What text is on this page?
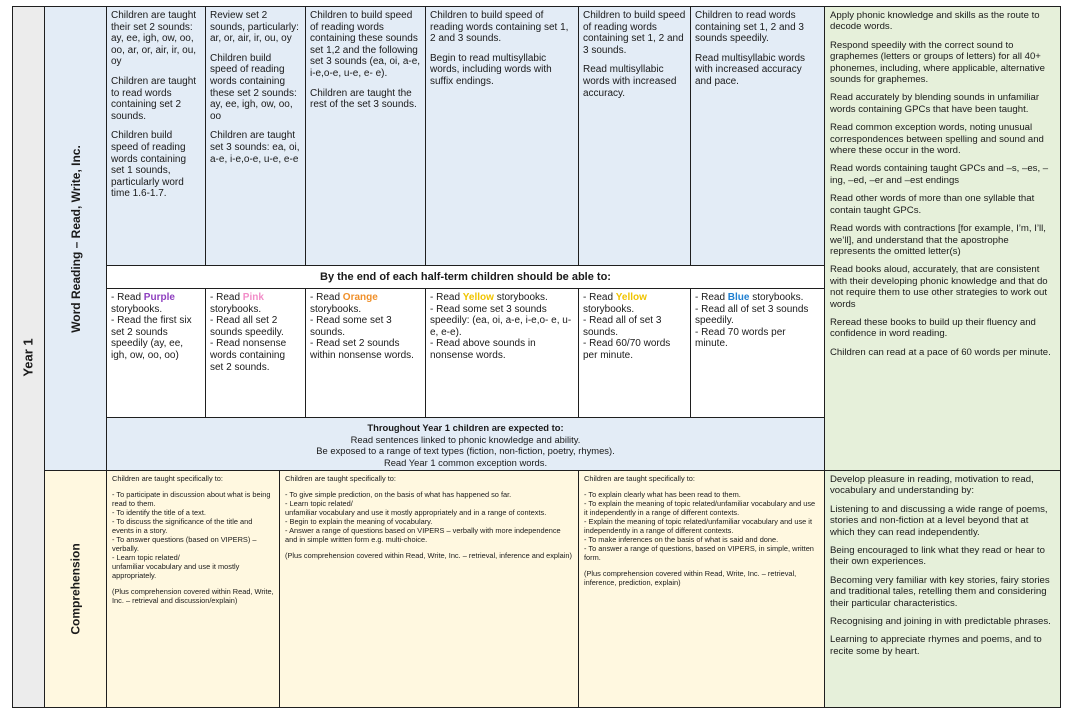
Year 1
Word Reading – Read, Write, Inc.
Comprehension

Children are taught their set 2 sounds: ay, ee, igh, ow, oo, oo, ar, or, air, ir, ou, oy

Children are taught to read words containing set 2 sounds.

Children build speed of reading words containing set 1 sounds, particularly word time 1.6-1.7.

Review set 2 sounds, particularly: ar, or, air, ir, ou, oy

Children build speed of reading words containing these set 2 sounds: ay, ee, igh, ow, oo, oo

Children are taught set 3 sounds: ea, oi, a-e, i-e,o-e, u-e, e-e

Children to build speed of reading words containing these sounds set 1,2 and the following set 3 sounds (ea, oi, a-e, i-e,o-e, u-e, e- e).

Children are taught the rest of the set 3 sounds.

Children to build speed of reading words containing set 1, 2 and 3 sounds.

Begin to read multisyllabic words, including words with suffix endings.

Children to build speed of reading words containing set 1, 2 and 3 sounds.

Read multisyllabic words with increased accuracy.

Children to read words containing set 1, 2 and 3 sounds speedily.

Read multisyllabic words with increased accuracy and pace.

By the end of each half-term children should be able to:
- Read Purple storybooks.
- Read the first six set 2 sounds speedily (ay, ee, igh, ow, oo, oo)
- Read Pink storybooks.
- Read all set 2 sounds speedily.
- Read nonsense words containing set 2 sounds.
- Read Orange storybooks.
- Read some set 3 sounds.
- Read set 2 sounds within nonsense words.
- Read Yellow storybooks.
- Read some set 3 sounds speedily: (ea, oi, a-e, i-e,o- e, u-e, e-e).
- Read above sounds in nonsense words.
- Read Yellow storybooks.
- Read all of set 3 sounds.
- Read 60/70 words per minute.
- Read Blue storybooks.
- Read all of set 3 sounds speedily.
- Read 70 words per minute.
Throughout Year 1 children are expected to:
Read sentences linked to phonic knowledge and ability.
Be exposed to a range of text types (fiction, non-fiction, poetry, rhymes).
Read Year 1 common exception words.

Apply phonic knowledge and skills as the route to decode words.

Respond speedily with the correct sound to graphemes (letters or groups of letters) for all 40+ phonemes, including, where applicable, alternative sounds for graphemes.

Read accurately by blending sounds in unfamiliar words containing GPCs that have been taught.

Read common exception words, noting unusual correspondences between spelling and sound and where these occur in the word.

Read words containing taught GPCs and –s, –es, –ing, –ed, –er and –est endings

Read other words of more than one syllable that contain taught GPCs.

Read words with contractions [for example, I’m, I’ll, we’ll], and understand that the apostrophe represents the omitted letter(s)

Read books aloud, accurately, that are consistent with their developing phonic knowledge and that do not require them to use other strategies to work out words

Reread these books to build up their fluency and confidence in word reading.

Children can read at a pace of 60 words per minute.

Children are taught specifically to:

- To participate in discussion about what is being read to them.
- To identify the title of a text.
- To discuss the significance of the title and events in a story.
- To answer questions (based on VIPERS) – verbally.
- Learn topic related/
unfamiliar vocabulary and use it mostly appropriately.

(Plus comprehension covered within Read, Write, Inc. – retrieval and discussion/explain)

Children are taught specifically to:

- To give simple prediction, on the basis of what has happened so far.
- Learn topic related/
unfamiliar vocabulary and use it mostly appropriately and in a range of contexts.
- Begin to explain the meaning of vocabulary.
- Answer a range of questions based on VIPERS – verbally with more independence and in simple written form e.g. multi-choice.

(Plus comprehension covered within Read, Write, Inc. – retrieval, inference and explain)

Children are taught specifically to:

- To explain clearly what has been read to them.
- To explain the meaning of topic related/unfamiliar vocabulary and use it independently in a range of different contexts.
- Explain the meaning of topic related/unfamiliar vocabulary and use it independently in a range of different contexts.
- To make inferences on the basis of what is said and done.
- To answer a range of questions, based on VIPERS, in simple, written form.

(Plus comprehension covered within Read, Write, Inc. – retrieval, inference, prediction, explain)

Develop pleasure in reading, motivation to read, vocabulary and understanding by:

Listening to and discussing a wide range of poems, stories and non-fiction at a level beyond that at which they can read independently.

Being encouraged to link what they read or hear to their own experiences.

Becoming very familiar with key stories, fairy stories and traditional tales, retelling them and considering their particular characteristics.

Recognising and joining in with predictable phrases.

Learning to appreciate rhymes and poems, and to recite some by heart.
